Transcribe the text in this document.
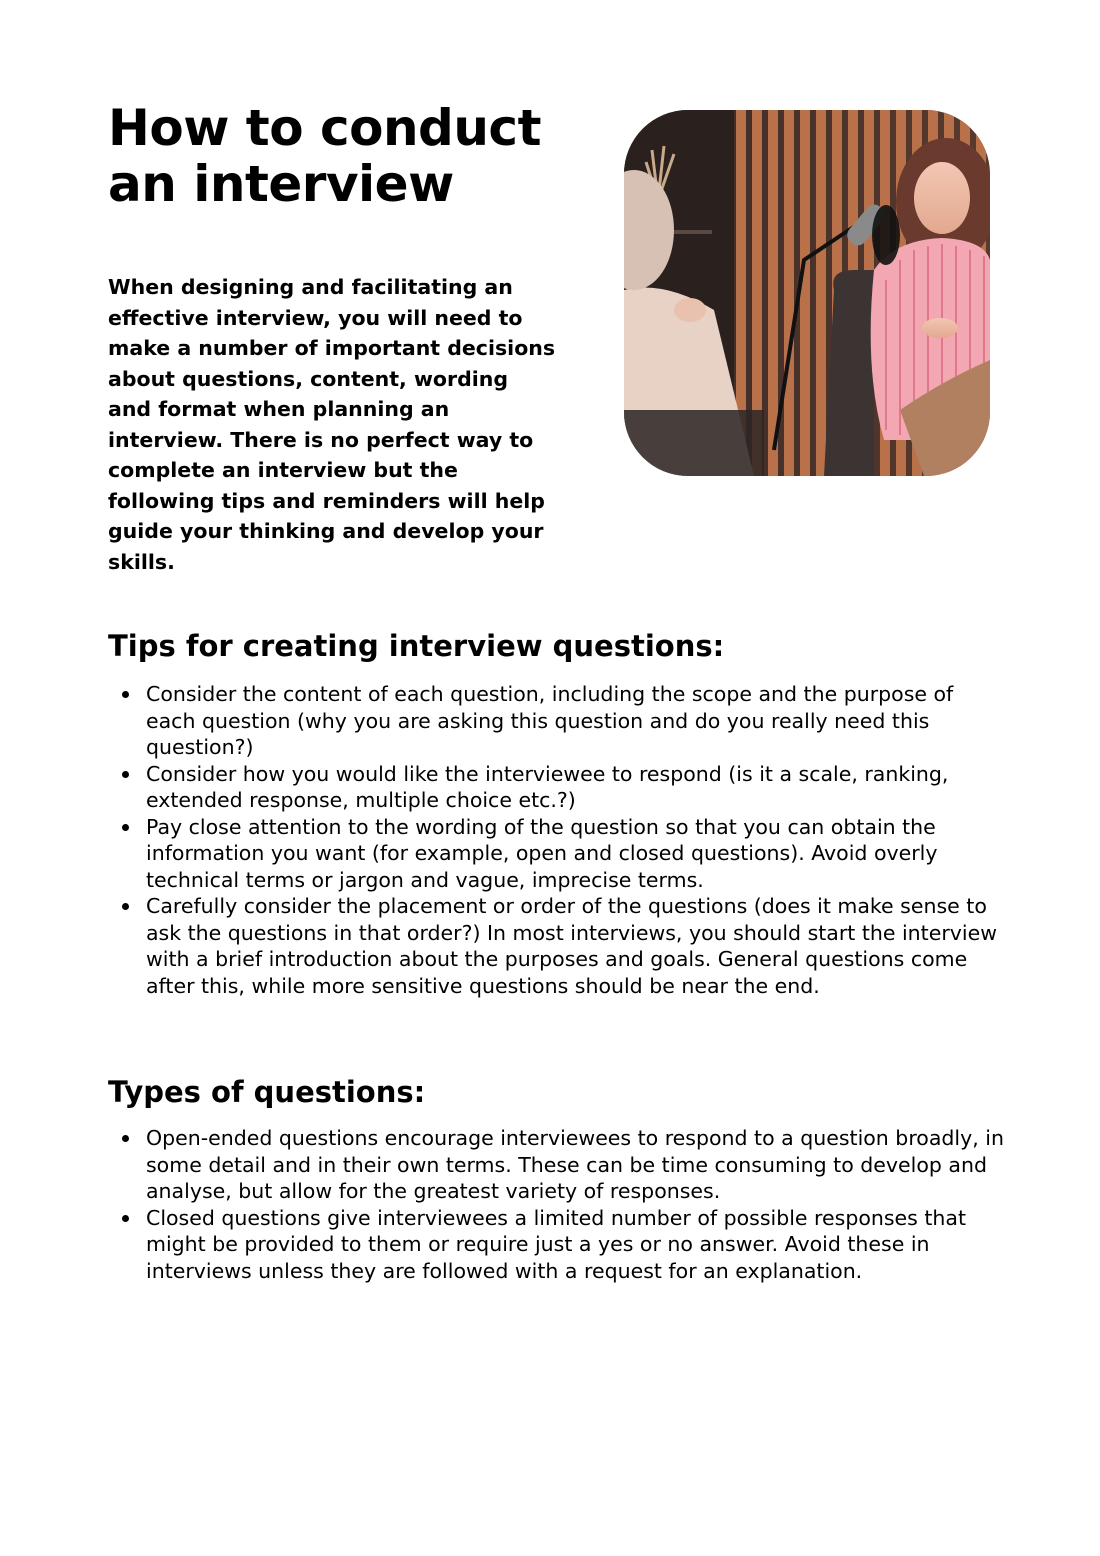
How to conduct an interview

When designing and facilitating an effective interview, you will need to make a number of important decisions about questions, content, wording and format when planning an interview. There is no perfect way to complete an interview but the following tips and reminders will help guide your thinking and develop your skills.

Tips for creating interview questions:
Consider the content of each question, including the scope and the purpose of each question (why you are asking this question and do you really need this question?)
Consider how you would like the interviewee to respond (is it a scale, ranking, extended response, multiple choice etc.?)
Pay close attention to the wording of the question so that you can obtain the information you want (for example, open and closed questions). Avoid overly technical terms or jargon and vague, imprecise terms.
Carefully consider the placement or order of the questions (does it make sense to ask the questions in that order?) In most interviews, you should start the interview with a brief introduction about the purposes and goals. General questions come after this, while more sensitive questions should be near the end.
Types of questions:
Open-ended questions encourage interviewees to respond to a question broadly, in some detail and in their own terms. These can be time consuming to develop and analyse, but allow for the greatest variety of responses.
Closed questions give interviewees a limited number of possible responses that might be provided to them or require just a yes or no answer. Avoid these in interviews unless they are followed with a request for an explanation.
